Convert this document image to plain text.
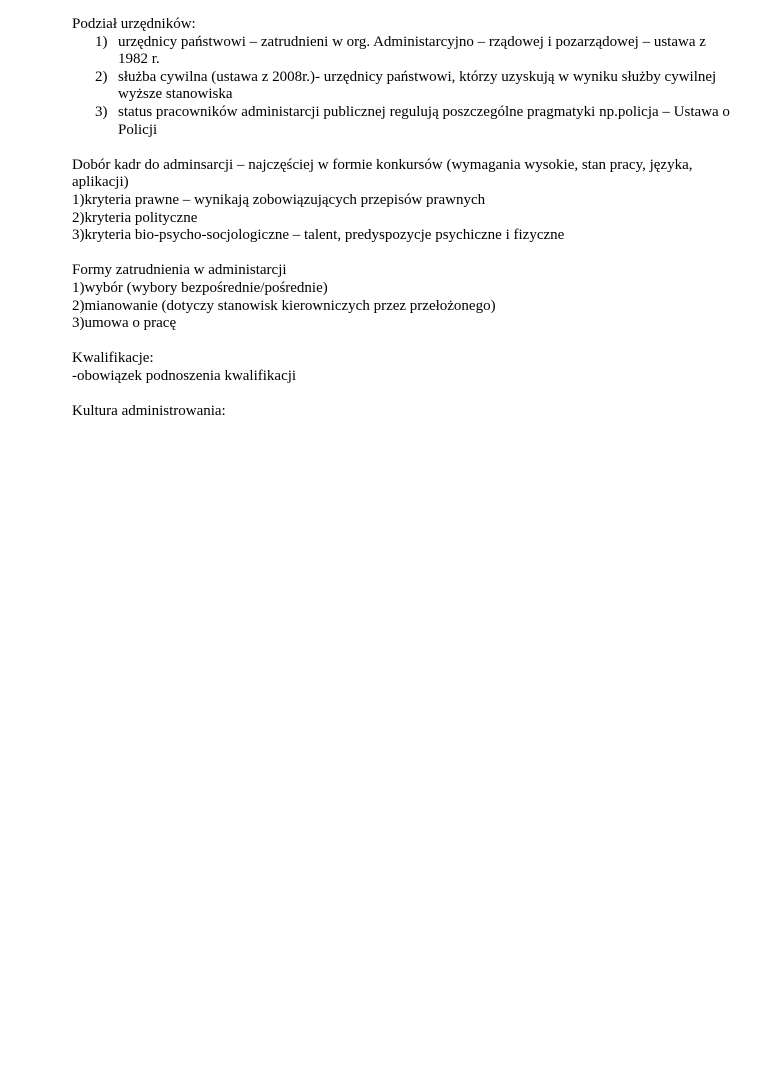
Podział urzędników:

1) urzędnicy państwowi – zatrudnieni w org. Administarcyjno – rządowej i pozarządowej – ustawa z
1982 r.
2) służba cywilna (ustawa z 2008r.)- urzędnicy państwowi, którzy uzyskują w wyniku służby cywilnej
wyższe stanowiska
3) status pracowników administarcji publicznej regulują poszczególne pragmatyki np.policja – Ustawa o
Policji
Dobór kadr do adminsarcji – najczęściej w formie konkursów (wymagania wysokie, stan pracy, języka,
aplikacji)
1)kryteria prawne – wynikają zobowiązujących przepisów prawnych
2)kryteria polityczne
3)kryteria bio-psycho-socjologiczne – talent, predyspozycje psychiczne i fizyczne
Formy zatrudnienia w administarcji
1)wybór (wybory bezpośrednie/pośrednie)
2)mianowanie (dotyczy stanowisk kierowniczych przez przełożonego)
3)umowa o pracę
Kwalifikacje:
-obowiązek podnoszenia kwalifikacji
Kultura administrowania:
